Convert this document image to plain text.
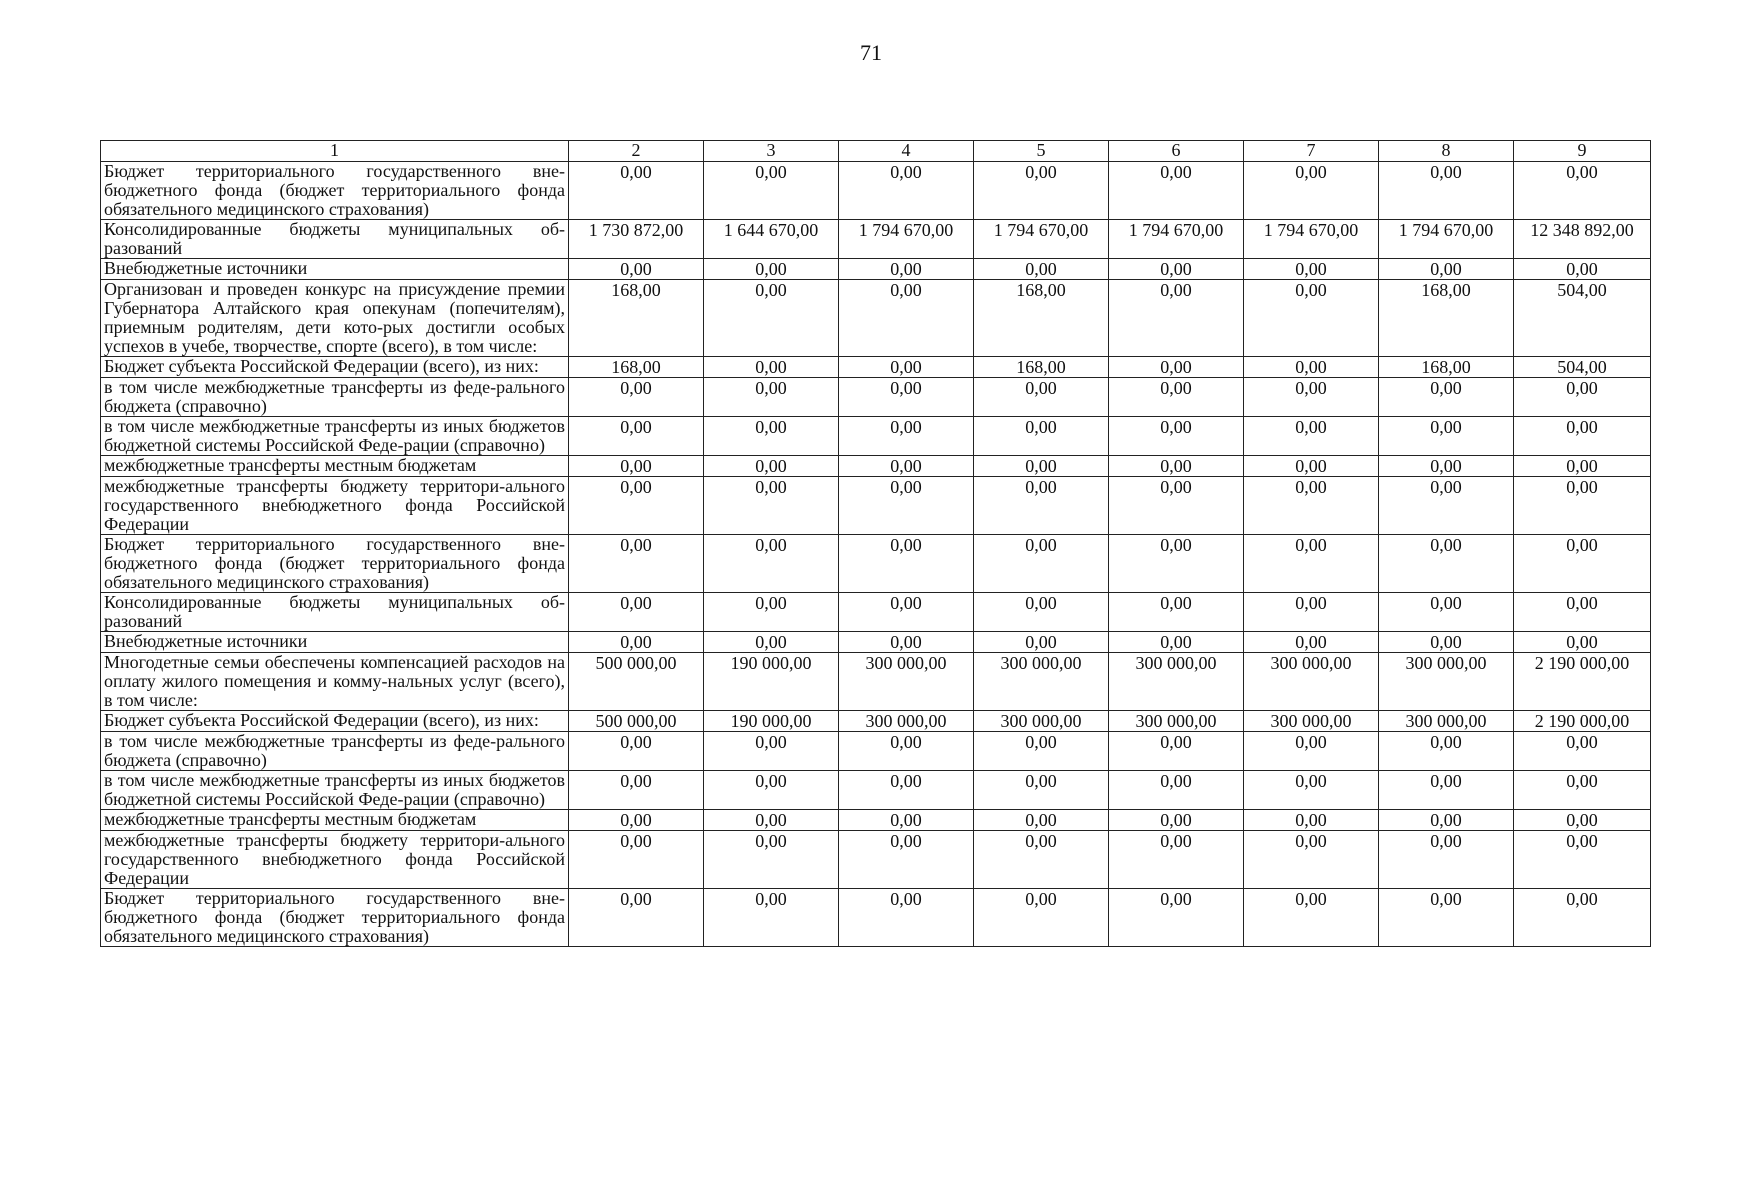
71
1	2	3	4	5	6	7	8	9
Бюджет территориального государственного вне-бюджетного фонда (бюджет территориального фонда обязательного медицинского страхования)	0,00	0,00	0,00	0,00	0,00	0,00	0,00	0,00
Консолидированные бюджеты муниципальных об-разований	1 730 872,00	1 644 670,00	1 794 670,00	1 794 670,00	1 794 670,00	1 794 670,00	1 794 670,00	12 348 892,00
Внебюджетные источники	0,00	0,00	0,00	0,00	0,00	0,00	0,00	0,00
Организован и проведен конкурс на присуждение премии Губернатора Алтайского края опекунам (попечителям), приемным родителям, дети кото-рых достигли особых успехов в учебе, творчестве, спорте (всего), в том числе:	168,00	0,00	0,00	168,00	0,00	0,00	168,00	504,00
Бюджет субъекта Российской Федерации (всего), из них:	168,00	0,00	0,00	168,00	0,00	0,00	168,00	504,00
в том числе межбюджетные трансферты из феде-рального бюджета (справочно)	0,00	0,00	0,00	0,00	0,00	0,00	0,00	0,00
в том числе межбюджетные трансферты из иных бюджетов бюджетной системы Российской Феде-рации (справочно)	0,00	0,00	0,00	0,00	0,00	0,00	0,00	0,00
межбюджетные трансферты местным бюджетам	0,00	0,00	0,00	0,00	0,00	0,00	0,00	0,00
межбюджетные трансферты бюджету территори-ального государственного внебюджетного фонда Российской Федерации	0,00	0,00	0,00	0,00	0,00	0,00	0,00	0,00
Бюджет территориального государственного вне-бюджетного фонда (бюджет территориального фонда обязательного медицинского страхования)	0,00	0,00	0,00	0,00	0,00	0,00	0,00	0,00
Консолидированные бюджеты муниципальных об-разований	0,00	0,00	0,00	0,00	0,00	0,00	0,00	0,00
Внебюджетные источники	0,00	0,00	0,00	0,00	0,00	0,00	0,00	0,00
Многодетные семьи обеспечены компенсацией расходов на оплату жилого помещения и комму-нальных услуг (всего), в том числе:	500 000,00	190 000,00	300 000,00	300 000,00	300 000,00	300 000,00	300 000,00	2 190 000,00
Бюджет субъекта Российской Федерации (всего), из них:	500 000,00	190 000,00	300 000,00	300 000,00	300 000,00	300 000,00	300 000,00	2 190 000,00
в том числе межбюджетные трансферты из феде-рального бюджета (справочно)	0,00	0,00	0,00	0,00	0,00	0,00	0,00	0,00
в том числе межбюджетные трансферты из иных бюджетов бюджетной системы Российской Феде-рации (справочно)	0,00	0,00	0,00	0,00	0,00	0,00	0,00	0,00
межбюджетные трансферты местным бюджетам	0,00	0,00	0,00	0,00	0,00	0,00	0,00	0,00
межбюджетные трансферты бюджету территори-ального государственного внебюджетного фонда Российской Федерации	0,00	0,00	0,00	0,00	0,00	0,00	0,00	0,00
Бюджет территориального государственного вне-бюджетного фонда (бюджет территориального фонда обязательного медицинского страхования)	0,00	0,00	0,00	0,00	0,00	0,00	0,00	0,00
